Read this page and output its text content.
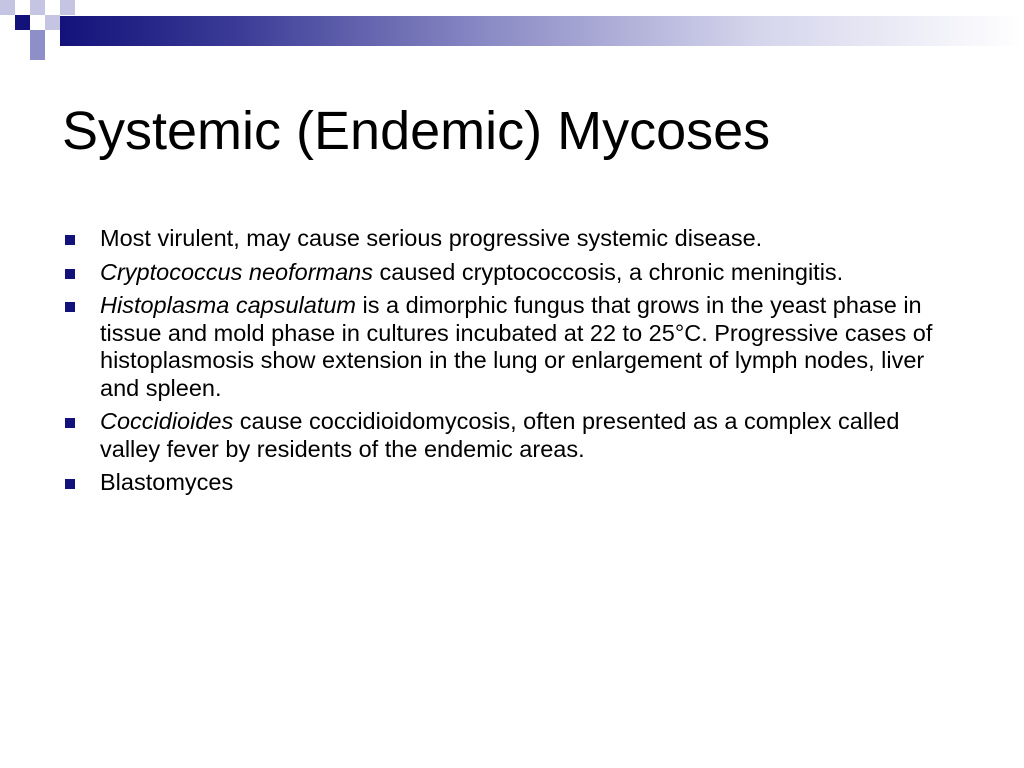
Systemic (Endemic) Mycoses
Most virulent, may cause serious progressive systemic disease.
Cryptococcus neoformans caused cryptococcosis, a chronic meningitis.
Histoplasma capsulatum is a dimorphic fungus that grows in the yeast phase in tissue and mold phase in cultures incubated at 22 to 25°C. Progressive cases of histoplasmosis show extension in the lung or enlargement of lymph nodes, liver and spleen.
Coccidioides cause coccidioidomycosis, often presented as a complex called valley fever by residents of the endemic areas.
Blastomyces
